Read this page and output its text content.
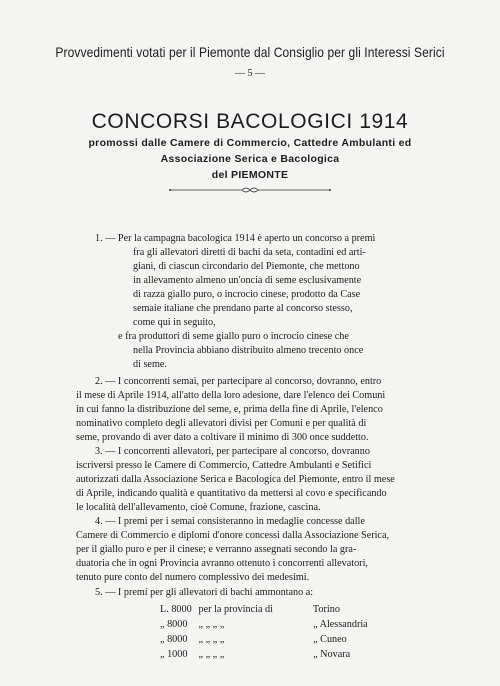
Provvedimenti votati per il Piemonte dal Consiglio per gli Interessi Serici
— 5 —
CONCORSI BACOLOGICI 1914
promossi dalle Camere di Commercio, Cattedre Ambulanti ed
Associazione Serica e Bacologica
del PIEMONTE
1. — Per la campagna bacologica 1914 è aperto un concorso a premi
fra gli allevatori diretti di bachi da seta, contadini ed arti-
giani, di ciascun circondario del Piemonte, che mettono
in allevamento almeno un'oncia di seme esclusivamente
di razza giallo puro, o incrocio cinese, prodotto da Case
semaie italiane che prendano parte al concorso stesso,
come qui in seguito,
e fra produttori di seme giallo puro o incrocio cinese che
nella Provincia abbiano distribuito almeno trecento once
di seme.
2. — I concorrenti semai, per partecipare al concorso, dovranno, entro
il mese di Aprile 1914, all'atto della loro adesione, dare l'elenco dei Comuni
in cui fanno la distribuzione del seme, e, prima della fine di Aprile, l'elenco
nominativo completo degli allevatori divisi per Comuni e per qualità di
seme, provando di aver dato a coltivare il minimo di 300 once suddetto.
3. — I concorrenti allevatori, per partecipare al concorso, dovranno
iscriversi presso le Camere di Commercio, Cattedre Ambulanti e Setifici
autorizzati dalla Associazione Serica e Bacologica del Piemonte, entro il mese
di Aprile, indicando qualità e quantitativo da mettersi al covo e specificando
le località dell'allevamento, cioè Comune, frazione, cascina.
4. — I premi per i semai consisteranno in medaglie concesse dalle
Camere di Commercio e diplomi d'onore concessi dalla Associazione Serica,
per il giallo puro e per il cinese; e verranno assegnati secondo la gra-
duatoria che in ogni Provincia avranno ottenuto i concorrenti allevatori,
tenuto pure conto del numero complessivo dei medesimi.
5. — I premi per gli allevatori di bachi ammontano a:
L. 8000 per la provincia di	Torino
„ 8000 „ „ „ „	„ Alessandria
„ 8000 „ „ „ „	„ Cuneo
„ 1000 „ „ „ „	„ Novara
